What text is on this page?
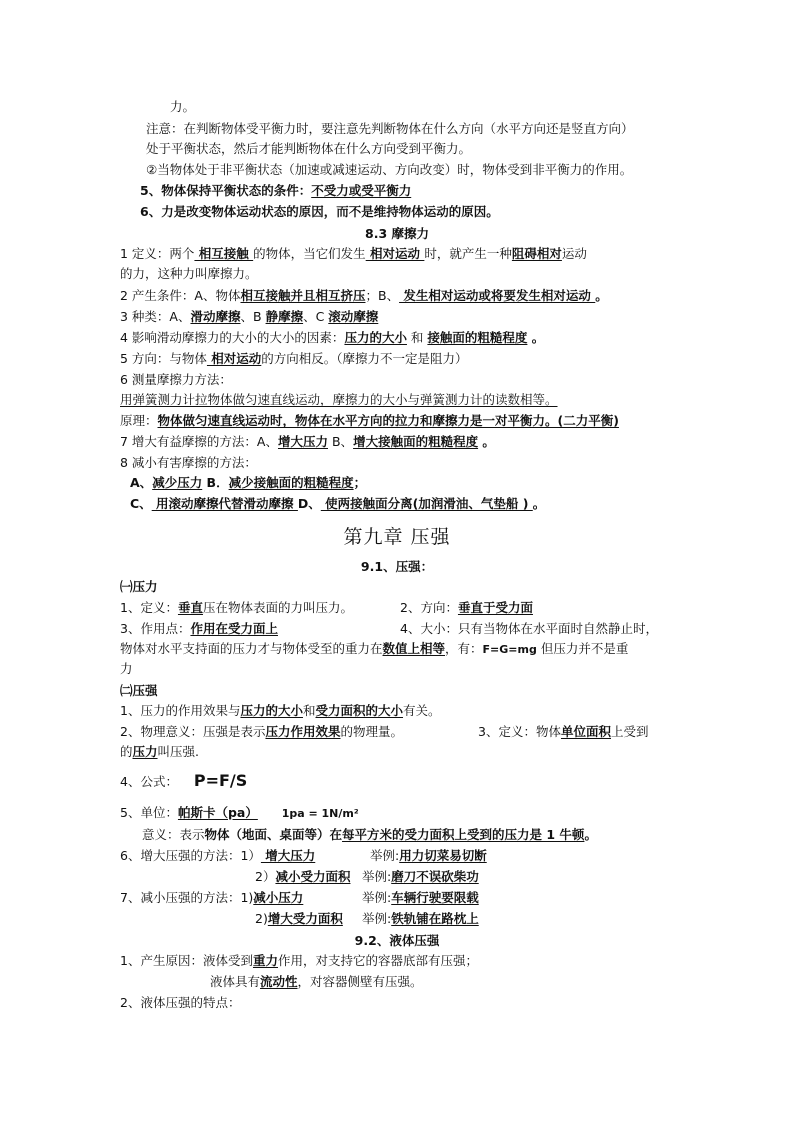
力。
注意：在判断物体受平衡力时，要注意先判断物体在什么方向（水平方向还是竖直方向）
处于平衡状态，然后才能判断物体在什么方向受到平衡力。
②当物体处于非平衡状态（加速或减速运动、方向改变）时，物体受到非平衡力的作用。
5、物体保持平衡状态的条件：不受力或受平衡力
6、力是改变物体运动状态的原因，而不是维持物体运动的原因。
8.3 摩擦力
1 定义：两个 相互接触 的物体，当它们发生 相对运动 时，就产生一种阻碍相对运动
的力，这种力叫摩擦力。
2 产生条件：A、物体相互接触并且相互挤压；B、 发生相对运动或将要发生相对运动 。
3 种类：A、滑动摩擦、B 静摩擦、C 滚动摩擦
4 影响滑动摩擦力的大小的大小的因素：压力的大小 和 接触面的粗糙程度 。
5 方向：与物体 相对运动的方向相反。（摩擦力不一定是阻力）
6 测量摩擦力方法：
用弹簧测力计拉物体做匀速直线运动，摩擦力的大小与弹簧测力计的读数相等。
原理：物体做匀速直线运动时，物体在水平方向的拉力和摩擦力是一对平衡力。(二力平衡)
7 增大有益摩擦的方法：A、增大压力 B、增大接触面的粗糙程度 。
8 减小有害摩擦的方法：
A、减少压力 B．减少接触面的粗糙程度；
C、 用滚动摩擦代替滑动摩擦 D、 使两接触面分离(加润滑油、气垫船 ) 。
第九章 压强
9.1、压强：
㈠压力
1、定义：垂直压在物体表面的力叫压力。	2、方向：垂直于受力面
3、作用点：作用在受力面上	4、大小：只有当物体在水平面时自然静止时，
物体对水平支持面的压力才与物体受至的重力在数值上相等，有：F=G=mg 但压力并不是重
力
㈡压强
1、压力的作用效果与压力的大小和受力面积的大小有关。
2、物理意义：压强是表示压力作用效果的物理量。	3、定义：物体单位面积上受到
的压力叫压强.
4、公式： P=F/S
5、单位：帕斯卡（pa） 1pa = 1N/m²
意义：表示物体（地面、桌面等）在每平方米的受力面积上受到的压力是 1 牛顿。
6、增大压强的方法：1） 增大压力	举例:用力切菜易切断
2）减小受力面积 举例:磨刀不误砍柴功
7、减小压强的方法：1)减小压力	举例:车辆行驶要限载
2)增大受力面积 举例:铁轨铺在路枕上
9.2、液体压强
1、产生原因：液体受到重力作用，对支持它的容器底部有压强；
液体具有流动性，对容器侧壁有压强。
2、液体压强的特点：
